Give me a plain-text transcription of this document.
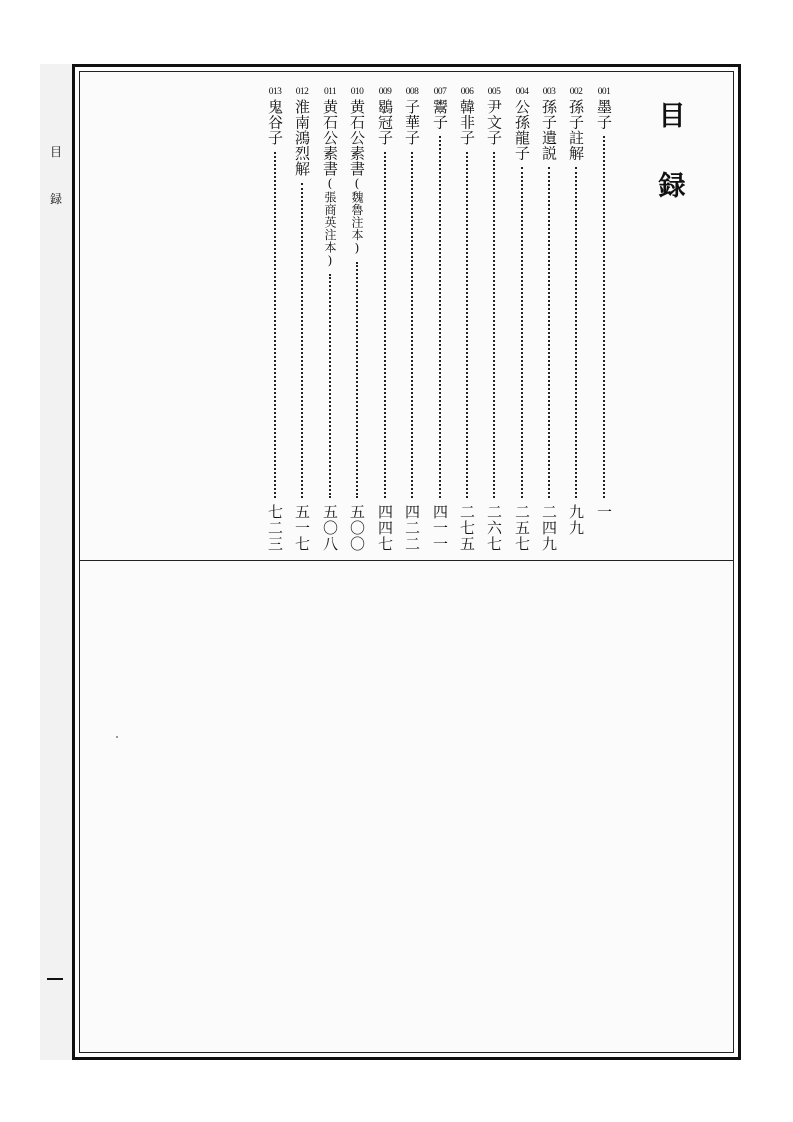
目
録
目
録
001
墨子
一
002
孫子註解
九九
003
孫子遺説
二四九
004
公孫龍子
二五七
005
尹文子
二六七
006
韓非子
二七五
007
鬻子
四一一
008
子華子
四二二
009
鶡冠子
四四七
010
黄石公素書(魏魯注本)
五〇〇
011
黄石公素書(張商英注本)
五〇八
012
淮南鴻烈解
五一七
013
鬼谷子
七二三
